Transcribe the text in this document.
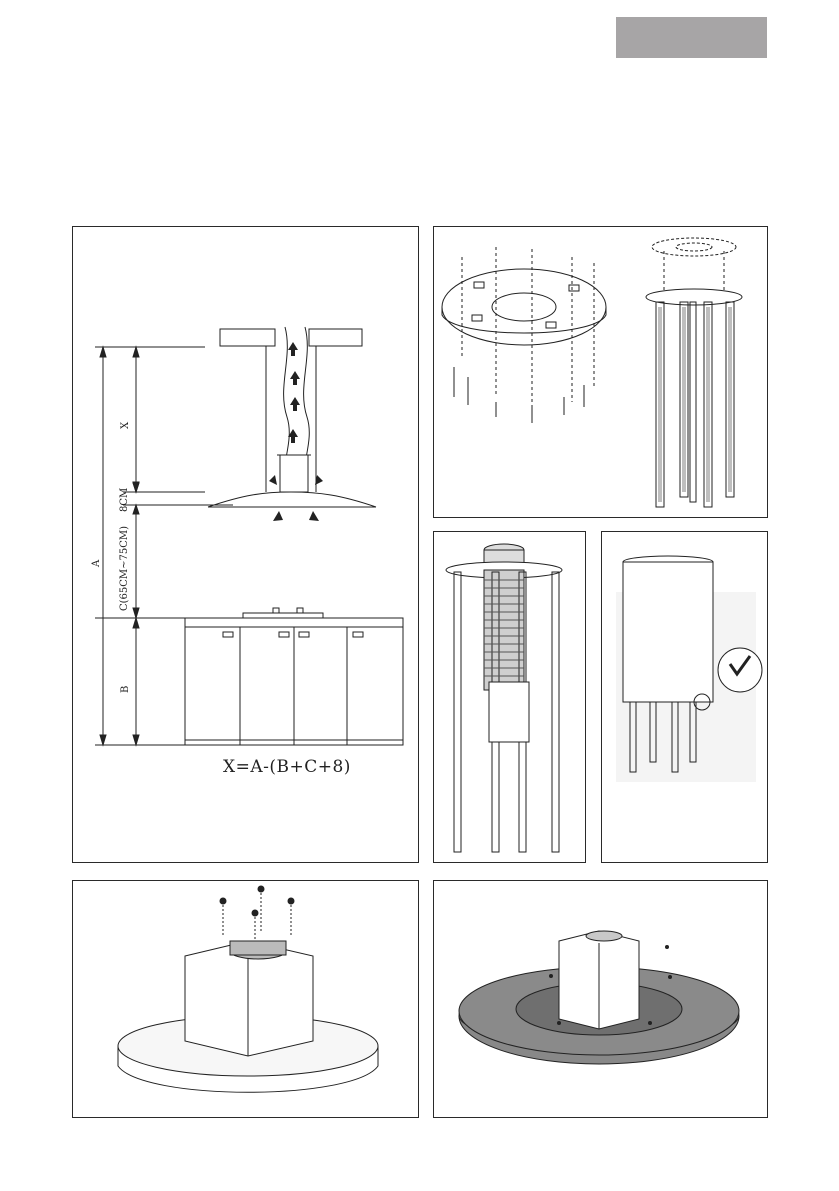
A
X
8CM
C(65CM~75CM)
B
X=A-(B+C+8)
